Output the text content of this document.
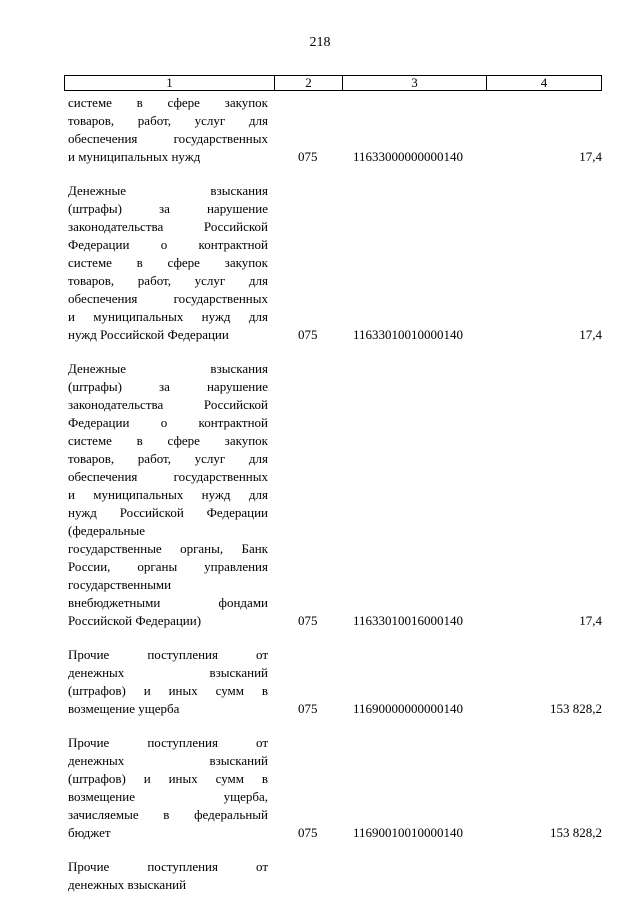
218
1	2	3	4
системе в сфере закупок
товаров, работ, услуг для
обеспечения государственных
и муниципальных нужд	075	11633000000000140	17,4
Денежные взыскания
(штрафы) за нарушение
законодательства Российской
Федерации о контрактной
системе в сфере закупок
товаров, работ, услуг для
обеспечения государственных
и муниципальных нужд для
нужд Российской Федерации	075	11633010010000140	17,4
Денежные взыскания
(штрафы) за нарушение
законодательства Российской
Федерации о контрактной
системе в сфере закупок
товаров, работ, услуг для
обеспечения государственных
и муниципальных нужд для
нужд Российской Федерации
(федеральные
государственные органы, Банк
России, органы управления
государственными
внебюджетными фондами
Российской Федерации)	075	11633010016000140	17,4
Прочие поступления от
денежных взысканий
(штрафов) и иных сумм в
возмещение ущерба	075	11690000000000140	153 828,2
Прочие поступления от
денежных взысканий
(штрафов) и иных сумм в
возмещение ущерба,
зачисляемые в федеральный
бюджет	075	11690010010000140	153 828,2
Прочие поступления от
денежных взысканий
